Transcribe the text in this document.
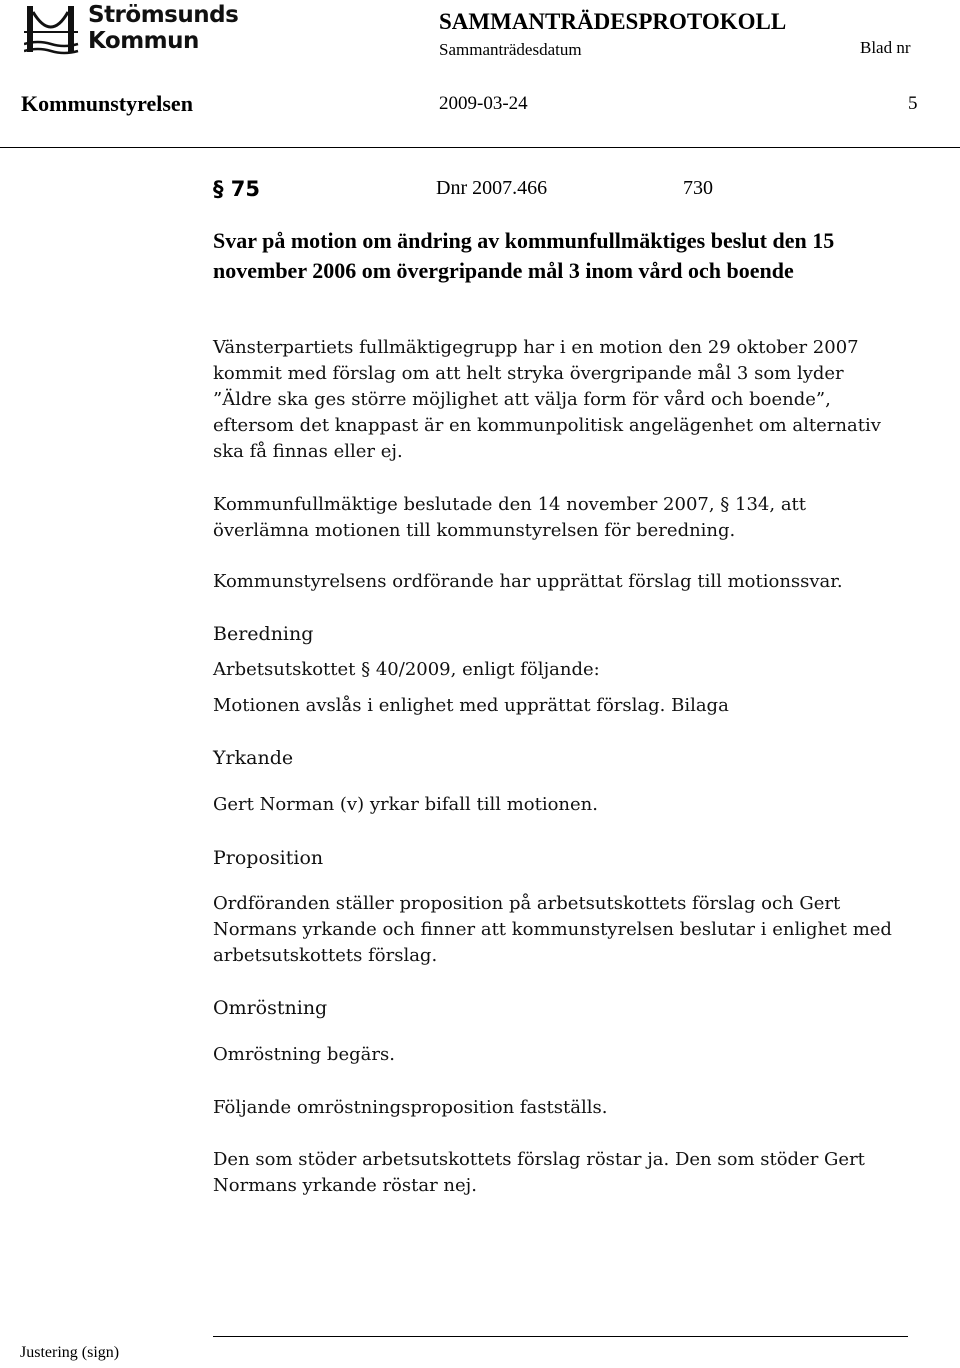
Strömsunds
Kommun
SAMMANTRÄDESPROTOKOLL
Sammanträdesdatum	Blad nr
Kommunstyrelsen	2009-03-24	5
§ 75	Dnr 2007.466	730
Svar på motion om ändring av kommunfullmäktiges beslut den 15 november 2006 om övergripande mål 3 inom vård och boende
Vänsterpartiets fullmäktigegrupp har i en motion den 29 oktober 2007 kommit med förslag om att helt stryka övergripande mål 3 som lyder ”Äldre ska ges större möjlighet att välja form för vård och boende”, eftersom det knappast är en kommunpolitisk angelägenhet om alternativ ska få finnas eller ej.
Kommunfullmäktige beslutade den 14 november 2007, § 134, att överlämna motionen till kommunstyrelsen för beredning.
Kommunstyrelsens ordförande har upprättat förslag till motionssvar.
Beredning
Arbetsutskottet § 40/2009, enligt följande:
Motionen avslås i enlighet med upprättat förslag. Bilaga
Yrkande
Gert Norman (v) yrkar bifall till motionen.
Proposition
Ordföranden ställer proposition på arbetsutskottets förslag och Gert Normans yrkande och finner att kommunstyrelsen beslutar i enlighet med arbetsutskottets förslag.
Omröstning
Omröstning begärs.
Följande omröstningsproposition fastställs.
Den som stöder arbetsutskottets förslag röstar ja. Den som stöder Gert Normans yrkande röstar nej.
Justering (sign)
